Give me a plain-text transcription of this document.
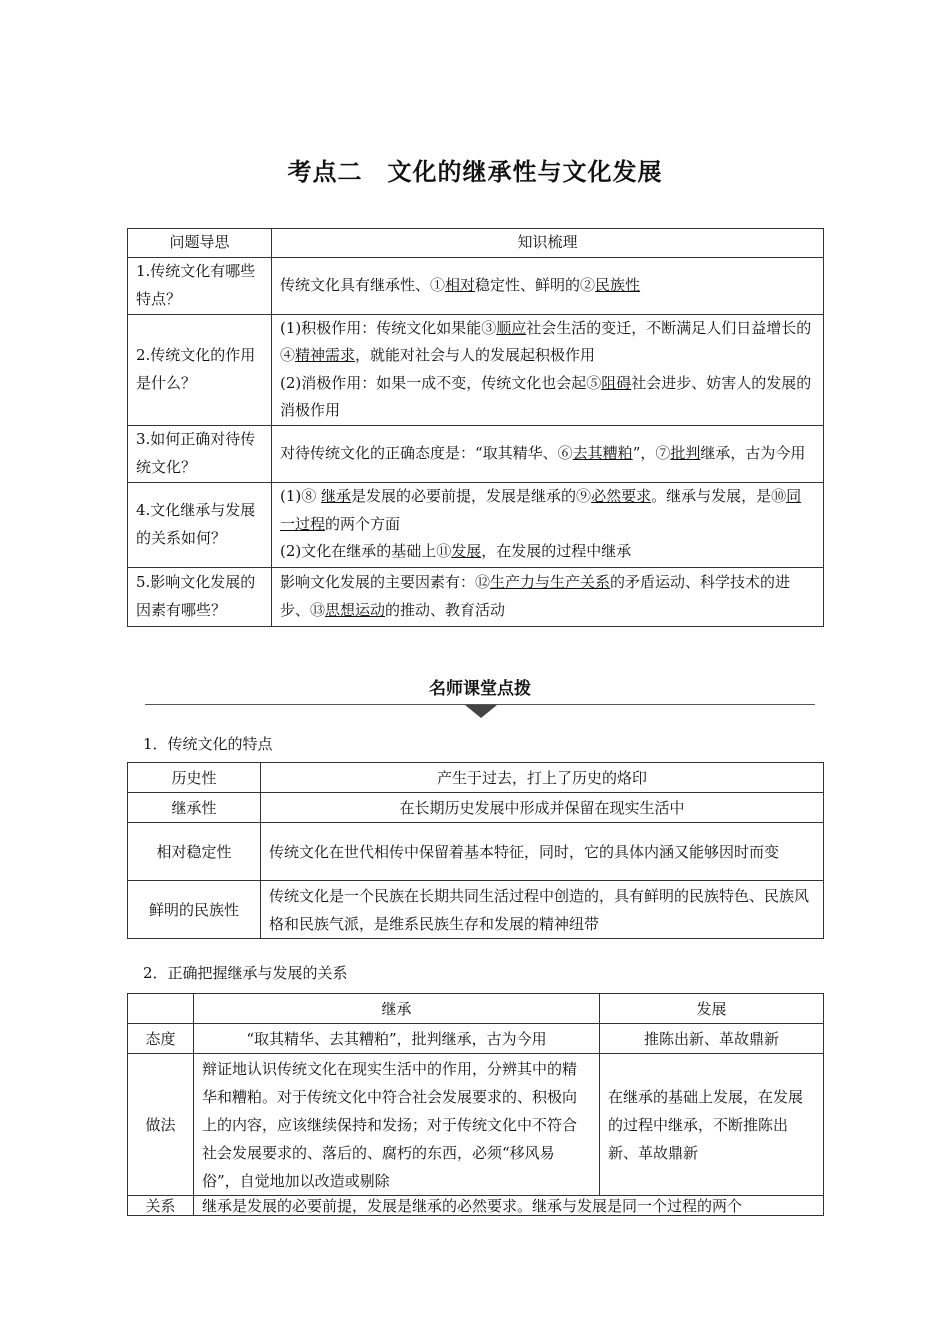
考点二　文化的继承性与文化发展
问题导思	知识梳理
1.传统文化有哪些特点？	传统文化具有继承性、①相对稳定性、鲜明的②民族性

2.传统文化的作用是什么？	(1)积极作用：传统文化如果能③顺应社会生活的变迁，不断满足人们日益增长的④精神需求，就能对社会与人的发展起积极作用
(2)消极作用：如果一成不变，传统文化也会起⑤阻碍社会进步、妨害人的发展的消极作用

3.如何正确对待传统文化？	对待传统文化的正确态度是：“取其精华、⑥去其糟粕”，⑦批判继承，古为今用

4.文化继承与发展的关系如何？	(1)⑧ 继承是发展的必要前提，发展是继承的⑨必然要求。继承与发展，是⑩同一过程的两个方面
(2)文化在继承的基础上⑪发展，在发展的过程中继承

5.影响文化发展的因素有哪些？	影响文化发展的主要因素有：⑫生产力与生产关系的矛盾运动、科学技术的进步、⑬思想运动的推动、教育活动
名师课堂点拨

1．传统文化的特点

历史性	产生于过去，打上了历史的烙印
继承性	在长期历史发展中形成并保留在现实生活中
相对稳定性	传统文化在世代相传中保留着基本特征，同时，它的具体内涵又能够因时而变
鲜明的民族性	传统文化是一个民族在长期共同生活过程中创造的，具有鲜明的民族特色、民族风格和民族气派，是维系民族生存和发展的精神纽带

2．正确把握继承与发展的关系

	继承	发展
态度	“取其精华、去其糟粕”，批判继承，古为今用	推陈出新、革故鼎新
做法	辩证地认识传统文化在现实生活中的作用，分辨其中的精华和糟粕。对于传统文化中符合社会发展要求的、积极向上的内容，应该继续保持和发扬；对于传统文化中不符合社会发展要求的、落后的、腐朽的东西，必须“移风易俗”，自觉地加以改造或剔除	在继承的基础上发展，在发展的过程中继承，不断推陈出新、革故鼎新
关系	继承是发展的必要前提，发展是继承的必然要求。继承与发展是同一个过程的两个	
